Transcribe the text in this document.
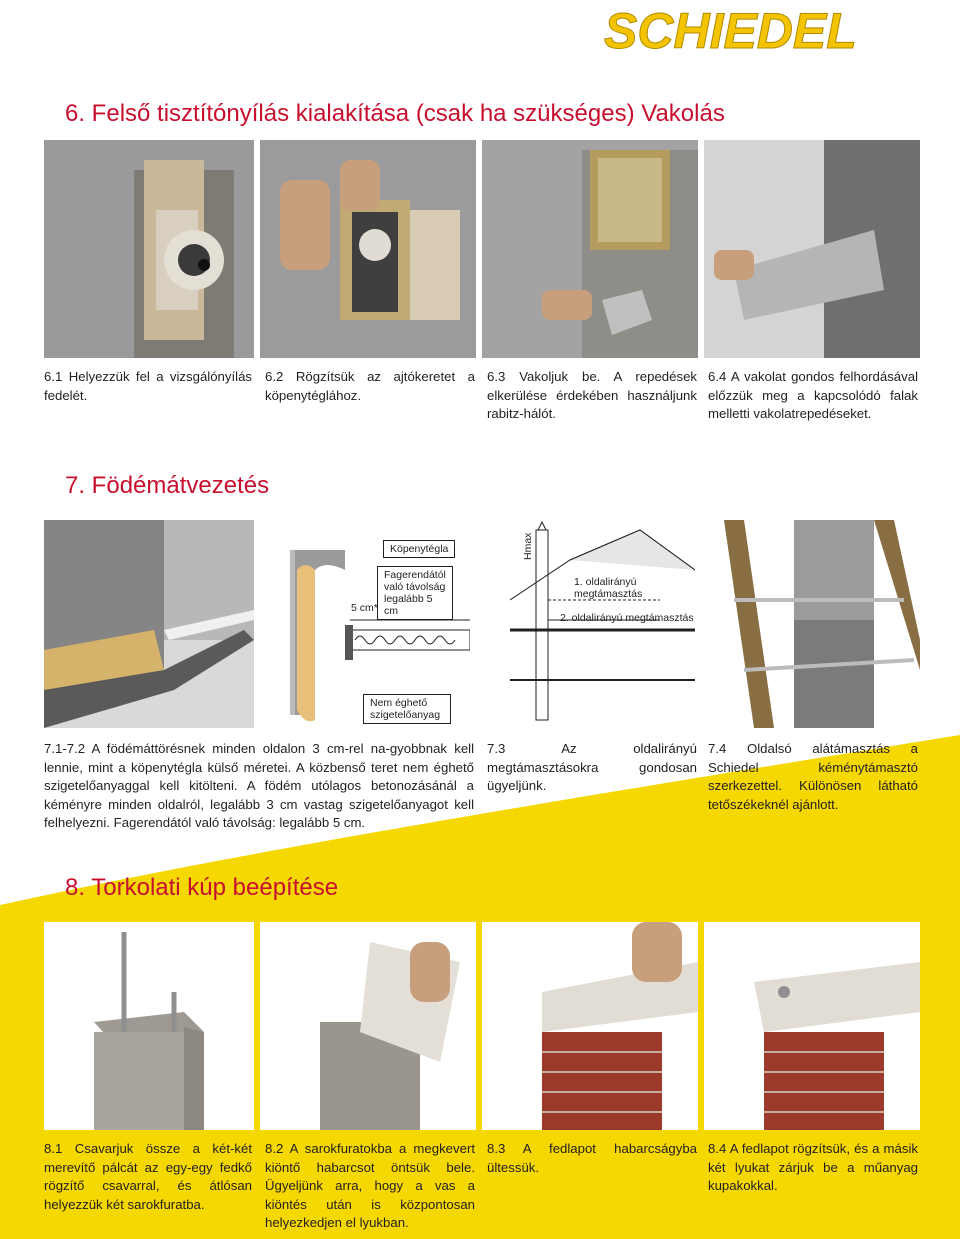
SCHIEDEL
6. Felső tisztítónyílás kialakítása (csak ha szükséges) Vakolás
6.1 Helyezzük fel a vizsgálónyílás fedelét.
6.2 Rögzítsük az ajtókeretet a köpenytéglához.
6.3 Vakoljuk be. A repedések elkerülése érdekében használjunk rabitz-hálót.
6.4 A vakolat gondos felhordásával előzzük meg a kapcsolódó falak melletti vakolatrepedéseket.
7. Födémátvezetés
Köpenytégla
Fagerendától való távolság legalább 5 cm
5 cm*
Nem éghető szigetelőanyag
Hmax
1. oldalirányú megtámasztás
2. oldalirányú megtámasztás
7.1-7.2 A födémáttörésnek minden oldalon 3 cm-rel na-gyobbnak kell lennie, mint a köpenytégla külső méretei. A közbenső teret nem éghető szigetelőanyaggal kell kitölteni. A födém utólagos betonozásánál a kéményre minden oldalról, legalább 3 cm vastag szigetelőanyagot kell felhelyezni. Fagerendától való távolság: legalább 5 cm.
7.3	Az oldalirányú megtámasztásokra gondosan ügyeljünk.
7.4 Oldalsó alátámasztás a Schiedel kéménytámasztó szerkezettel. Különösen látható tetőszékeknél ajánlott.
8. Torkolati kúp beépítése
8.1 Csavarjuk össze a két-két merevítő pálcát az egy-egy fedkő rögzítő csavarral, és átlósan helyezzük két sarokfuratba.
8.2 A sarokfuratokba a megkevert kiöntő habarcsot öntsük bele. Ügyeljünk arra, hogy a vas a kiöntés után is központosan helyezkedjen el lyukban.
8.3 A fedlapot habarcságyba ültessük.
8.4 A fedlapot rögzítsük, és a másik két lyukat zárjuk be a műanyag kupakokkal.
